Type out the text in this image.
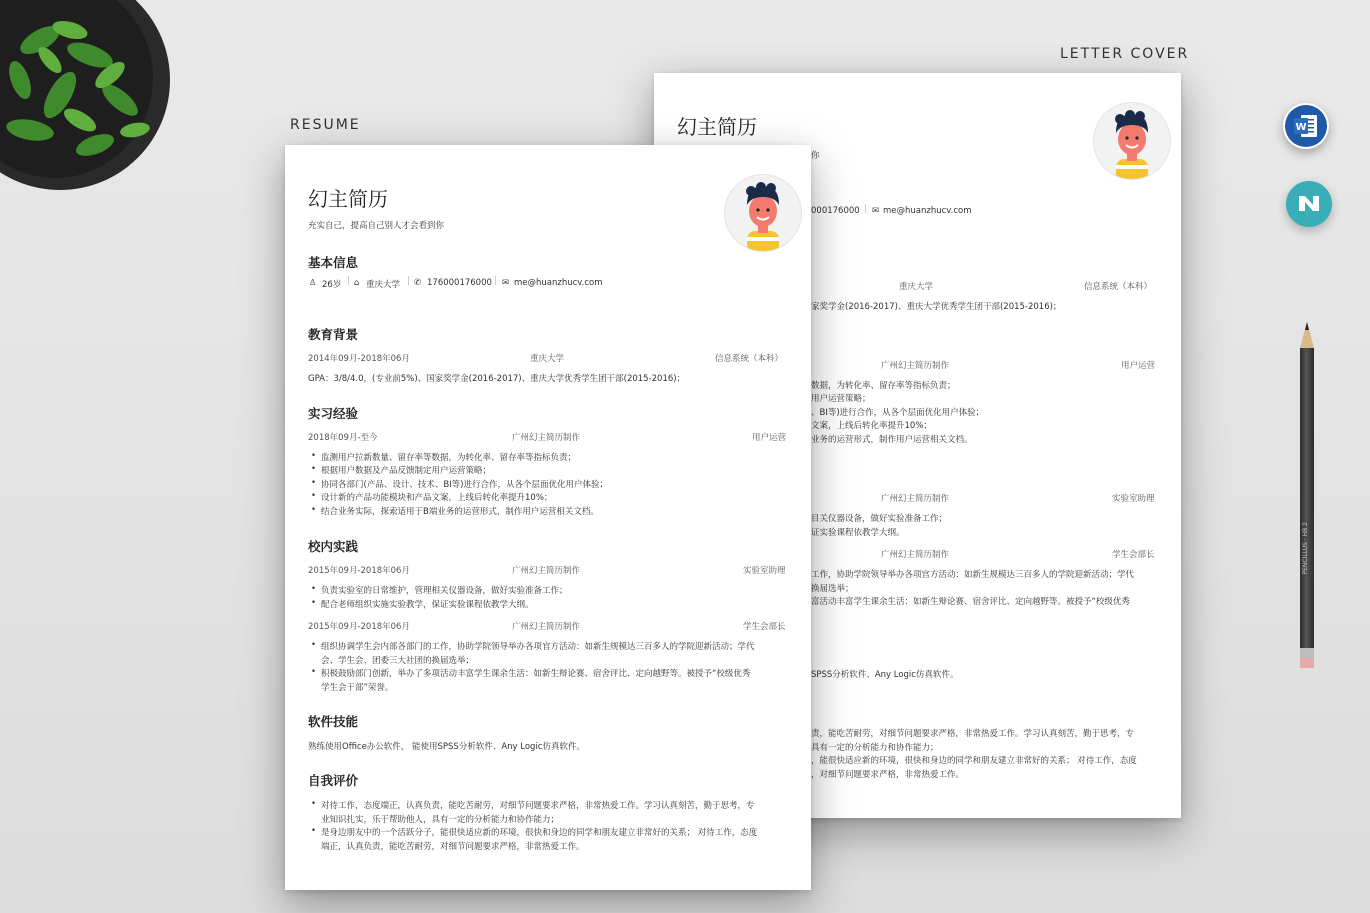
RESUME
LETTER COVER
幻主简历
你
000176000 | ✉ me@huanzhucv.com
重庆大学	信息系统（本科）
家奖学金(2016-2017)、重庆大学优秀学生团干部(2015-2016)；
广州幻主简历制作	用户运营
数据，为转化率、留存率等指标负责；
用户运营策略；
、BI等)进行合作，从各个层面优化用户体验；
文案，上线后转化率提升10%；
业务的运营形式，制作用户运营相关文档。
广州幻主简历制作	实验室助理
目关仪器设备，做好实验准备工作；
证实验课程依教学大纲。
广州幻主简历制作	学生会部长
工作，协助学院领导举办各项官方活动：如新生规模达三百多人的学院迎新活动；学代
换届选举；
富活动丰富学生课余生活：如新生辩论赛、宿舍评比、定向越野等。被授予“校级优秀
SPSS分析软件、Any Logic仿真软件。
责，能吃苦耐劳，对细节问题要求严格，非常热爱工作。学习认真刻苦，勤于思考，专
具有一定的分析能力和协作能力；
，能很快适应新的环境，很快和身边的同学和朋友建立非常好的关系； 对待工作，态度
，对细节问题要求严格，非常热爱工作。
幻主简历
充实自己，提高自己别人才会看到你
基本信息
♙ 26岁 | ⌂ 重庆大学 | ✆ 176000176000 | ✉ me@huanzhucv.com
教育背景
2014年09月-2018年06月	重庆大学	信息系统（本科）
GPA：3/8/4.0，(专业前5%)、国家奖学金(2016-2017)、重庆大学优秀学生团干部(2015-2016)；
实习经验
2018年09月-至今	广州幻主简历制作	用户运营
• 监测用户拉新数量、留存率等数据，为转化率、留存率等指标负责；
• 根据用户数据及产品反馈制定用户运营策略；
• 协同各部门(产品、设计、技术、BI等)进行合作，从各个层面优化用户体验；
• 设计新的产品功能模块和产品文案，上线后转化率提升10%；
• 结合业务实际，探索适用于B端业务的运营形式，制作用户运营相关文档。
校内实践
2015年09月-2018年06月	广州幻主简历制作	实验室助理
• 负责实验室的日常维护，管理相关仪器设备，做好实验准备工作；
• 配合老师组织实施实验教学，保证实验课程依教学大纲。
2015年09月-2018年06月	广州幻主简历制作	学生会部长
• 组织协调学生会内部各部门的工作，协助学院领导举办各项官方活动：如新生规模达三百多人的学院迎新活动；学代
会、学生会、团委三大社团的换届选举；
• 积极鼓励部门创新，举办了多项活动丰富学生课余生活：如新生辩论赛、宿舍评比、定向越野等。被授予“校级优秀
学生会干部”荣誉。
软件技能
熟练使用Office办公软件， 能使用SPSS分析软件、Any Logic仿真软件。
自我评价
• 对待工作，态度端正，认真负责，能吃苦耐劳，对细节问题要求严格，非常热爱工作。学习认真刻苦，勤于思考，专
业知识扎实，乐于帮助他人，具有一定的分析能力和协作能力；
• 是身边朋友中的一个活跃分子，能很快适应新的环境，很快和身边的同学和朋友建立非常好的关系； 对待工作，态度
端正，认真负责，能吃苦耐劳，对细节问题要求严格，非常热爱工作。
W
PENCILLUS · HB 2
